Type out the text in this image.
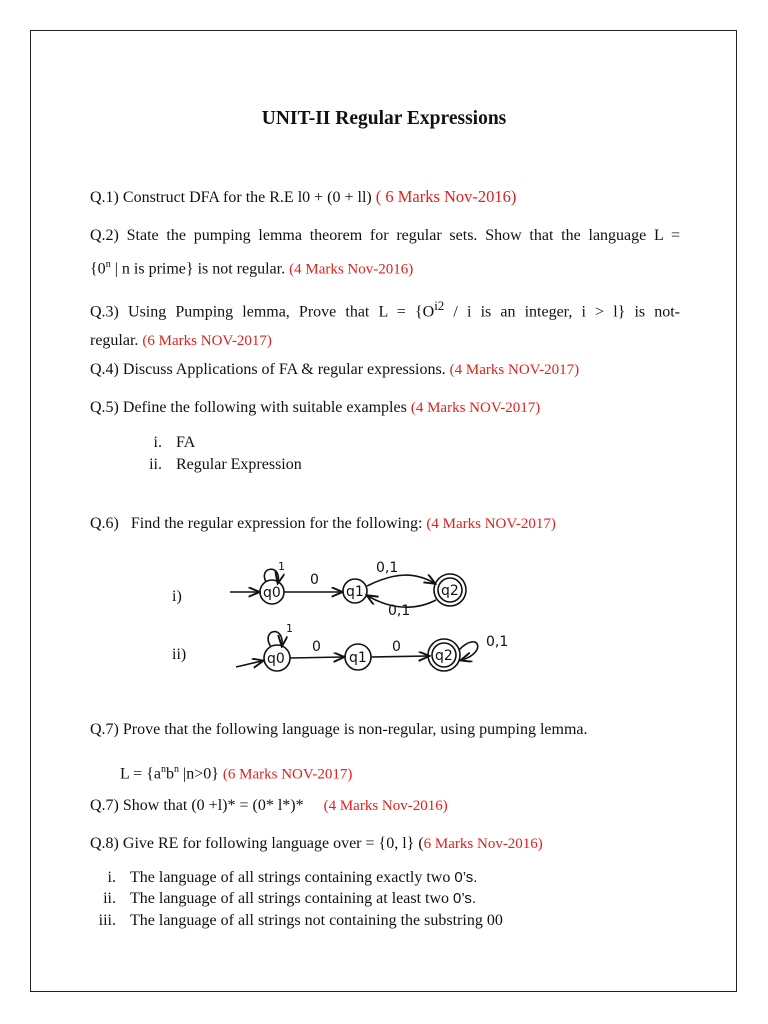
UNIT-II Regular Expressions
Q.1) Construct DFA for the R.E l0 + (0 + ll) ( 6 Marks Nov-2016)
Q.2) State the pumping lemma theorem for regular sets. Show that the language L =
{$0^n$ | n is prime} is not regular. (4 Marks Nov-2016)
Q.3) Using Pumping lemma, Prove that $L = \{O^{i2} / i$ is an integer, i > l} is not-
regular. (6 Marks NOV-2017)
Q.4) Discuss Applications of FA & regular expressions. (4 Marks NOV-2017)
Q.5) Define the following with suitable examples (4 Marks NOV-2017)
i. FA
ii. Regular Expression
Q.6)   Find the regular expression for the following: (4 Marks NOV-2017)
i)
ii)
q0	q1	q2
1
0
0,1
0,1
q0	q1	q2
1
0	0	0,1
Q.7) Prove that the following language is non-regular, using pumping lemma.
$L = \{a^nb^n$ |n>0} (6 Marks NOV-2017)
Q.7) Show that (0 +l)* = (0* l*)*     (4 Marks Nov-2016)
Q.8) Give RE for following language over = {0, l} (6 Marks Nov-2016)
i. The language of all strings containing exactly two 0’s.
ii. The language of all strings containing at least two 0’s.
iii. The language of all strings not containing the substring 00
